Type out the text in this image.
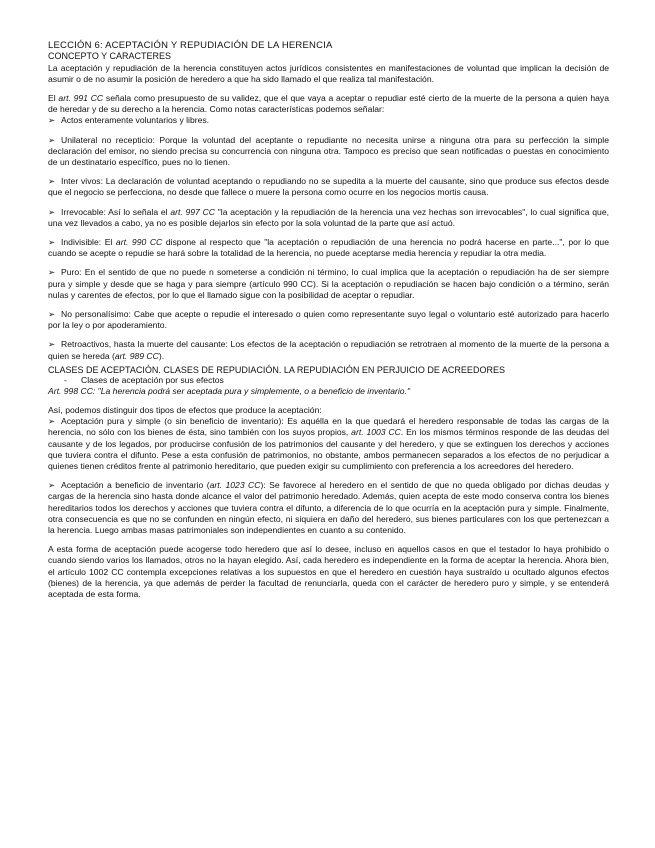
LECCIÓN 6: ACEPTACIÓN Y REPUDIACIÓN DE LA HERENCIA
CONCEPTO Y CARACTERES

La aceptación y repudiación de la herencia constituyen actos jurídicos consistentes en manifestaciones de voluntad que implican la decisión de asumir o de no asumir la posición de heredero a que ha sido llamado el que realiza tal manifestación.

El art. 991 CC señala como presupuesto de su validez, que el que vaya a aceptar o repudiar esté cierto de la muerte de la persona a quien haya de heredar y de su derecho a la herencia. Como notas características podemos señalar:

➢ Actos enteramente voluntarios y libres.

➢ Unilateral no recepticio: Porque la voluntad del aceptante o repudiante no necesita unirse a ninguna otra para su perfección la simple declaración del emisor, no siendo precisa su concurrencia con ninguna otra. Tampoco es preciso que sean notificadas o puestas en conocimiento de un destinatario específico, pues no lo tienen.

➢ Inter vivos: La declaración de voluntad aceptando o repudiando no se supedita a la muerte del causante, sino que produce sus efectos desde que el negocio se perfecciona, no desde que fallece o muere la persona como ocurre en los negocios mortis causa.

➢ Irrevocable: Así lo señala el art. 997 CC "la aceptación y la repudiación de la herencia una vez hechas son irrevocables", lo cual significa que, una vez llevados a cabo, ya no es posible dejarlos sin efecto por la sola voluntad de la parte que así actuó.

➢ Indivisible: El art. 990 CC dispone al respecto que "la aceptación o repudiación de una herencia no podrá hacerse en parte...", por lo que cuando se acepte o repudie se hará sobre la totalidad de la herencia, no puede aceptarse media herencia y repudiar la otra media.

➢ Puro: En el sentido de que no puede n someterse a condición ni término, lo cual implica que la aceptación o repudiación ha de ser siempre pura y simple y desde que se haga y para siempre (artículo 990 CC). Si la aceptación o repudiación se hacen bajo condición o a término, serán nulas y carentes de efectos, por lo que el llamado sigue con la posibilidad de aceptar o repudiar.

➢ No personalísimo: Cabe que acepte o repudie el interesado o quien como representante suyo legal o voluntario esté autorizado para hacerlo por la ley o por apoderamiento.

➢ Retroactivos, hasta la muerte del causante: Los efectos de la aceptación o repudiación se retrotraen al momento de la muerte de la persona a quien se hereda (art. 989 CC).

CLASES DE ACEPTACIÓN. CLASES DE REPUDIACIÓN. LA REPUDIACIÓN EN PERJUICIO DE ACREEDORES
- Clases de aceptación por sus efectos

Art. 998 CC: "La herencia podrá ser aceptada pura y simplemente, o a beneficio de inventario."

Así, podemos distinguir dos tipos de efectos que produce la aceptación:

➢ Aceptación pura y simple (o sin beneficio de inventario): Es aquélla en la que quedará el heredero responsable de todas las cargas de la herencia, no sólo con los bienes de ésta, sino también con los suyos propios, art. 1003 CC. En los mismos términos responde de las deudas del causante y de los legados, por producirse confusión de los patrimonios del causante y del heredero, y que se extinguen los derechos y acciones que tuviera contra el difunto. Pese a esta confusión de patrimonios, no obstante, ambos permanecen separados a los efectos de no perjudicar a quienes tienen créditos frente al patrimonio hereditario, que pueden exigir su cumplimiento con preferencia a los acreedores del heredero.

➢ Aceptación a beneficio de inventario (art. 1023 CC): Se favorece al heredero en el sentido de que no queda obligado por dichas deudas y cargas de la herencia sino hasta donde alcance el valor del patrimonio heredado. Además, quien acepta de este modo conserva contra los bienes hereditarios todos los derechos y acciones que tuviera contra el difunto, a diferencia de lo que ocurría en la aceptación pura y simple. Finalmente, otra consecuencia es que no se confunden en ningún efecto, ni siquiera en daño del heredero, sus bienes particulares con los que pertenezcan a la herencia. Luego ambas masas patrimoniales son independientes en cuanto a su contenido.

A esta forma de aceptación puede acogerse todo heredero que así lo desee, incluso en aquellos casos en que el testador lo haya prohibido o cuando siendo varios los llamados, otros no la hayan elegido. Así, cada heredero es independiente en la forma de aceptar la herencia. Ahora bien, el artículo 1002 CC contempla excepciones relativas a los supuestos en que el heredero en cuestión haya sustraído u ocultado algunos efectos (bienes) de la herencia, ya que además de perder la facultad de renunciarla, queda con el carácter de heredero puro y simple, y se entenderá aceptada de esta forma.
